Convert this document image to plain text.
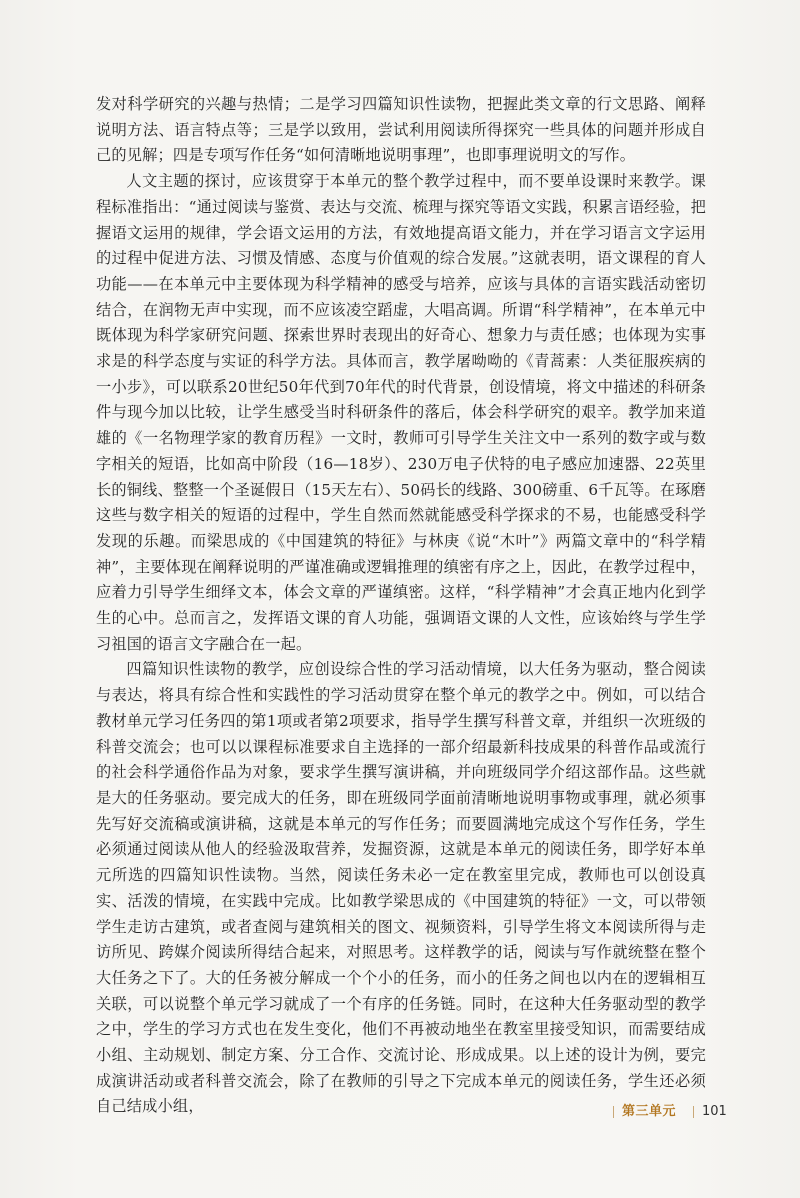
发对科学研究的兴趣与热情；二是学习四篇知识性读物，把握此类文章的行文思路、阐释说明方法、语言特点等；三是学以致用，尝试利用阅读所得探究一些具体的问题并形成自己的见解；四是专项写作任务“如何清晰地说明事理”，也即事理说明文的写作。

人文主题的探讨，应该贯穿于本单元的整个教学过程中，而不要单设课时来教学。课程标准指出：“通过阅读与鉴赏、表达与交流、梳理与探究等语文实践，积累言语经验，把握语文运用的规律，学会语文运用的方法，有效地提高语文能力，并在学习语言文字运用的过程中促进方法、习惯及情感、态度与价值观的综合发展。”这就表明，语文课程的育人功能——在本单元中主要体现为科学精神的感受与培养，应该与具体的言语实践活动密切结合，在润物无声中实现，而不应该凌空蹈虚，大唱高调。所谓“科学精神”，在本单元中既体现为科学家研究问题、探索世界时表现出的好奇心、想象力与责任感；也体现为实事求是的科学态度与实证的科学方法。具体而言，教学屠呦呦的《青蒿素：人类征服疾病的一小步》，可以联系20世纪50年代到70年代的时代背景，创设情境，将文中描述的科研条件与现今加以比较，让学生感受当时科研条件的落后，体会科学研究的艰辛。教学加来道雄的《一名物理学家的教育历程》一文时，教师可引导学生关注文中一系列的数字或与数字相关的短语，比如高中阶段（16—18岁）、230万电子伏特的电子感应加速器、22英里长的铜线、整整一个圣诞假日（15天左右）、50码长的线路、300磅重、6千瓦等。在琢磨这些与数字相关的短语的过程中，学生自然而然就能感受科学探求的不易，也能感受科学发现的乐趣。而梁思成的《中国建筑的特征》与林庚《说“木叶”》两篇文章中的“科学精神”，主要体现在阐释说明的严谨准确或逻辑推理的缜密有序之上，因此，在教学过程中，应着力引导学生细绎文本，体会文章的严谨缜密。这样，“科学精神”才会真正地内化到学生的心中。总而言之，发挥语文课的育人功能，强调语文课的人文性，应该始终与学生学习祖国的语言文字融合在一起。

四篇知识性读物的教学，应创设综合性的学习活动情境，以大任务为驱动，整合阅读与表达，将具有综合性和实践性的学习活动贯穿在整个单元的教学之中。例如，可以结合教材单元学习任务四的第1项或者第2项要求，指导学生撰写科普文章，并组织一次班级的科普交流会；也可以以课程标准要求自主选择的一部介绍最新科技成果的科普作品或流行的社会科学通俗作品为对象，要求学生撰写演讲稿，并向班级同学介绍这部作品。这些就是大的任务驱动。要完成大的任务，即在班级同学面前清晰地说明事物或事理，就必须事先写好交流稿或演讲稿，这就是本单元的写作任务；而要圆满地完成这个写作任务，学生必须通过阅读从他人的经验汲取营养，发掘资源，这就是本单元的阅读任务，即学好本单元所选的四篇知识性读物。当然，阅读任务未必一定在教室里完成，教师也可以创设真实、活泼的情境，在实践中完成。比如教学梁思成的《中国建筑的特征》一文，可以带领学生走访古建筑，或者查阅与建筑相关的图文、视频资料，引导学生将文本阅读所得与走访所见、跨媒介阅读所得结合起来，对照思考。这样教学的话，阅读与写作就统整在整个大任务之下了。大的任务被分解成一个个小的任务，而小的任务之间也以内在的逻辑相互关联，可以说整个单元学习就成了一个有序的任务链。同时，在这种大任务驱动型的教学之中，学生的学习方式也在发生变化，他们不再被动地坐在教室里接受知识，而需要结成小组、主动规划、制定方案、分工合作、交流讨论、形成成果。以上述的设计为例，要完成演讲活动或者科普交流会，除了在教师的引导之下完成本单元的阅读任务，学生还必须自己结成小组，	第三单元 101
